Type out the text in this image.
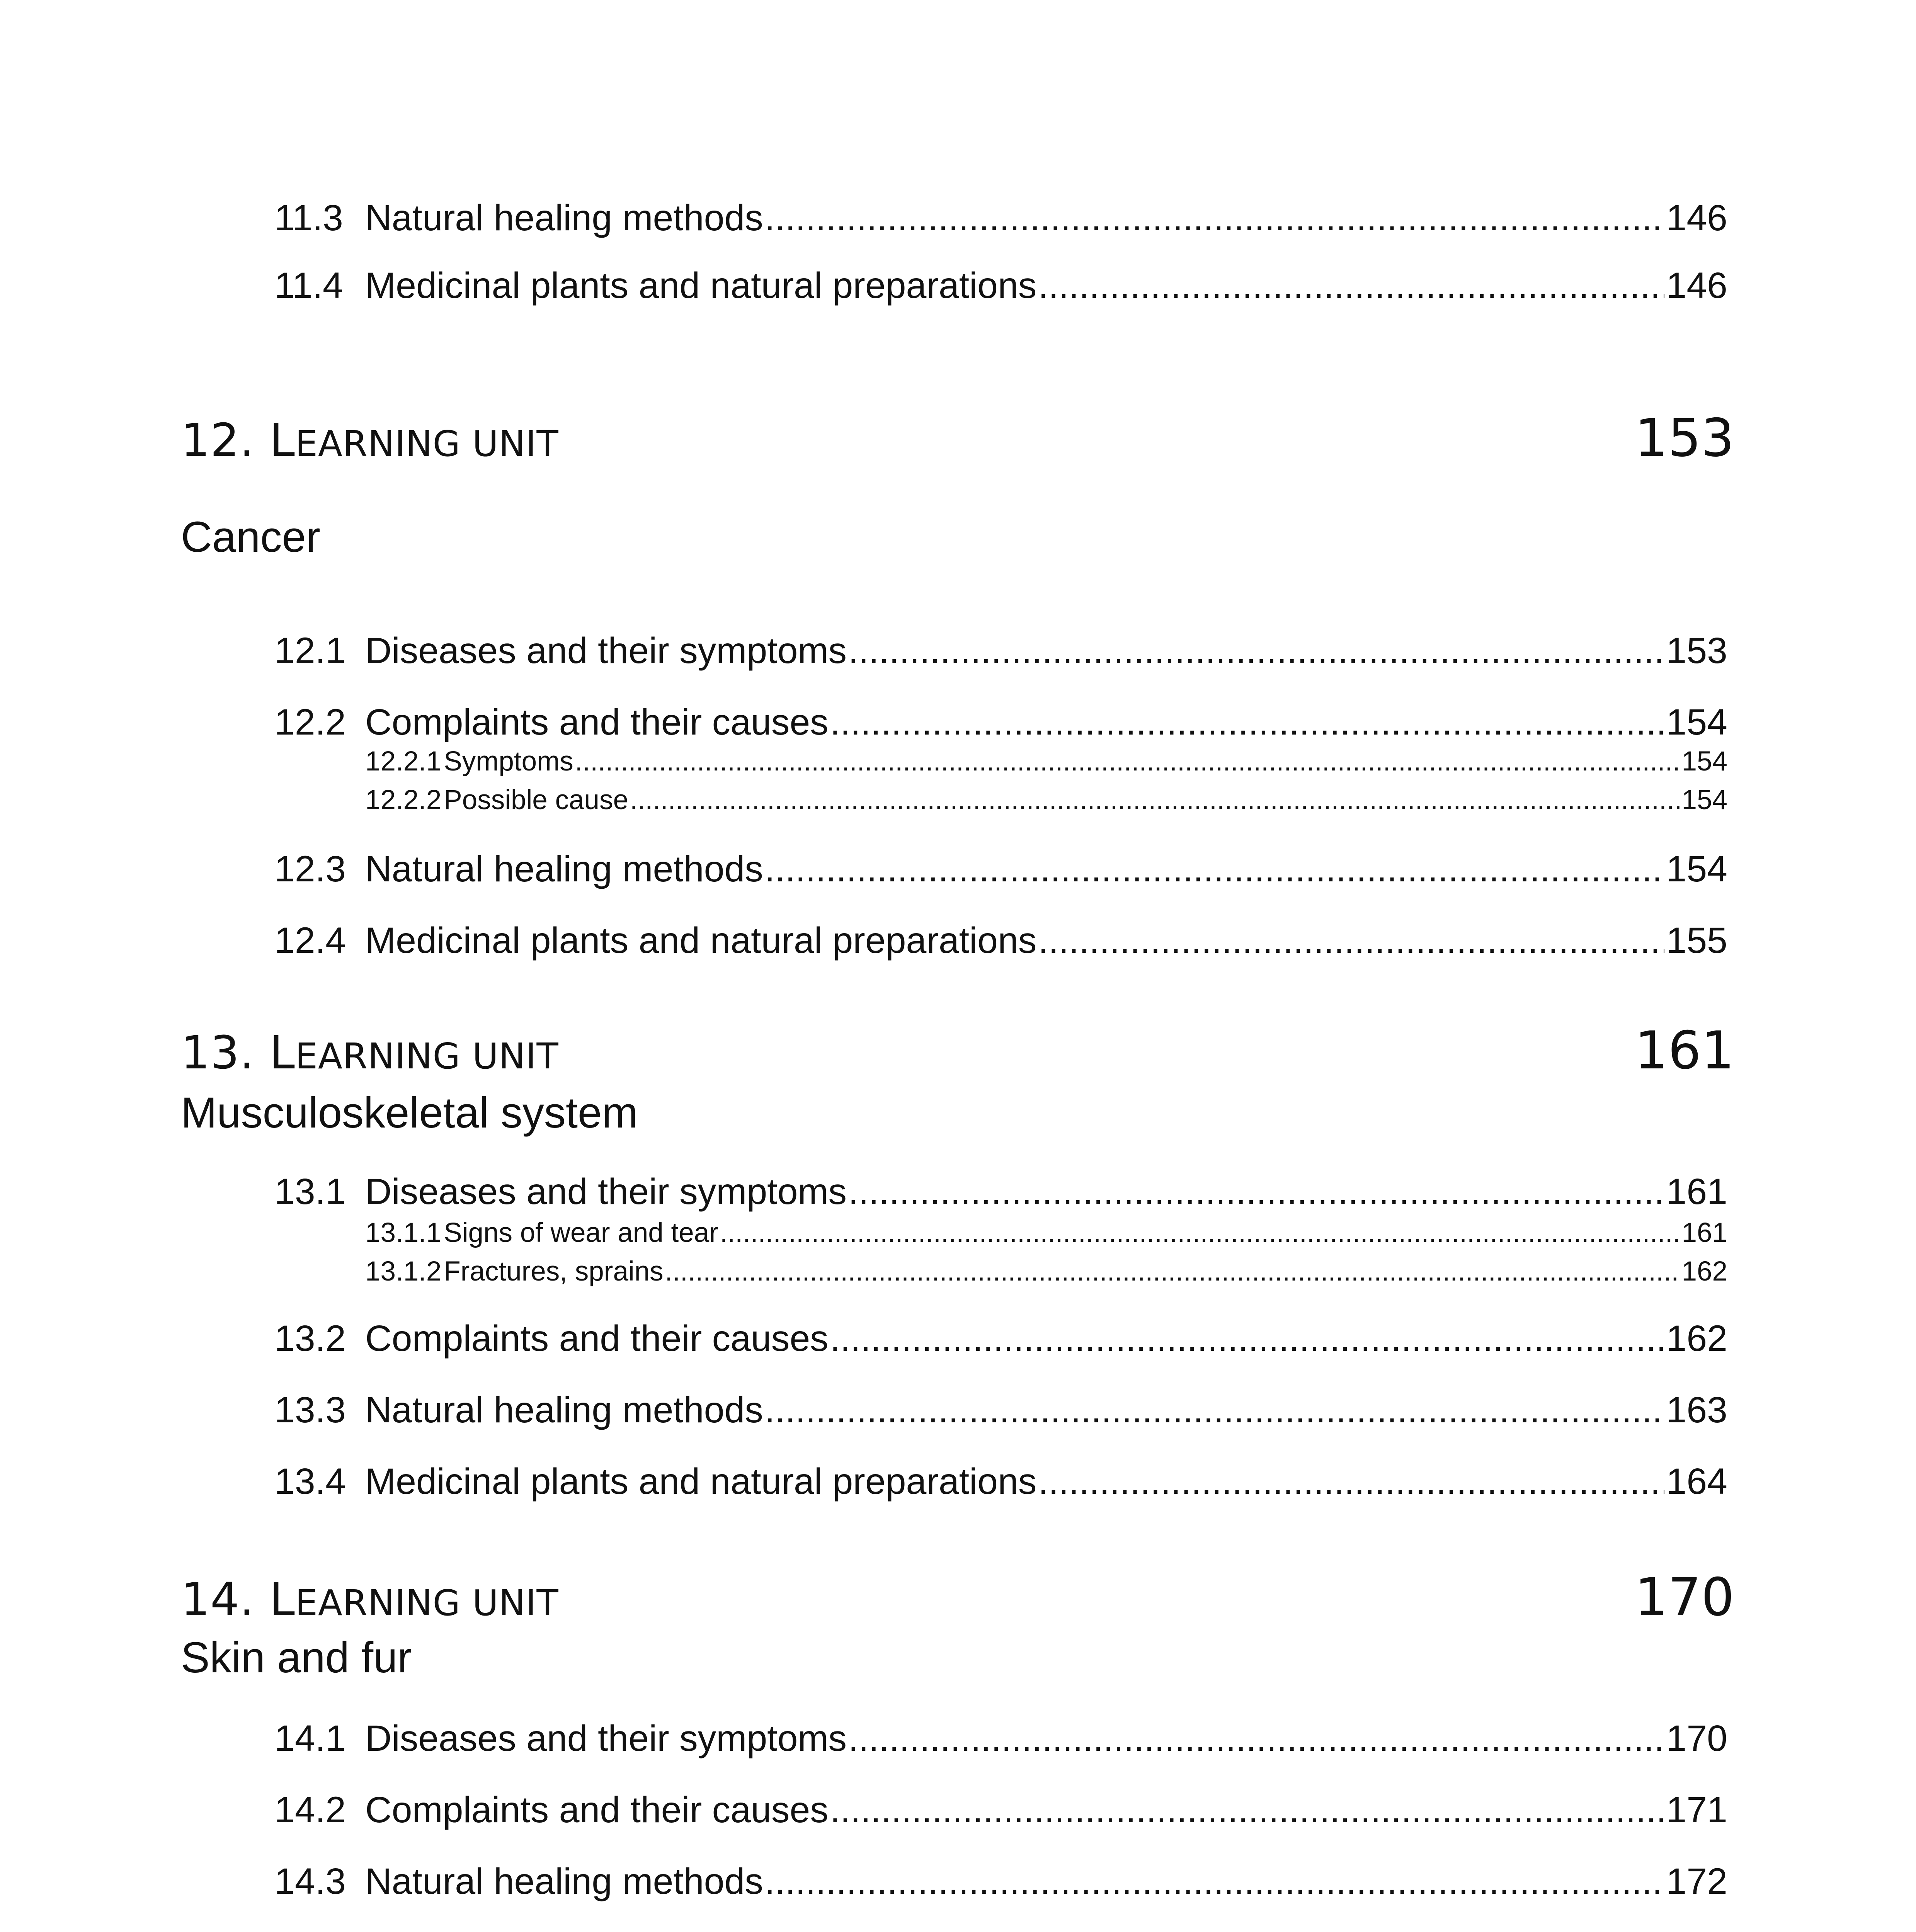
11.3 Natural healing methods .....	146
11.4 Medicinal plants and natural preparations .....	146
12. LEARNING UNIT	153
Cancer
12.1 Diseases and their symptoms .....	153
12.2 Complaints and their causes .....	154
12.2.1 Symptoms .....	154
12.2.2 Possible cause .....	154
12.3 Natural healing methods .....	154
12.4 Medicinal plants and natural preparations .....	155
13. LEARNING UNIT	161
Musculoskeletal system
13.1 Diseases and their symptoms .....	161
13.1.1 Signs of wear and tear .....	161
13.1.2 Fractures, sprains .....	162
13.2 Complaints and their causes .....	162
13.3 Natural healing methods .....	163
13.4 Medicinal plants and natural preparations .....	164
14. LEARNING UNIT	170
Skin and fur
14.1 Diseases and their symptoms .....	170
14.2 Complaints and their causes .....	171
14.3 Natural healing methods .....	172
